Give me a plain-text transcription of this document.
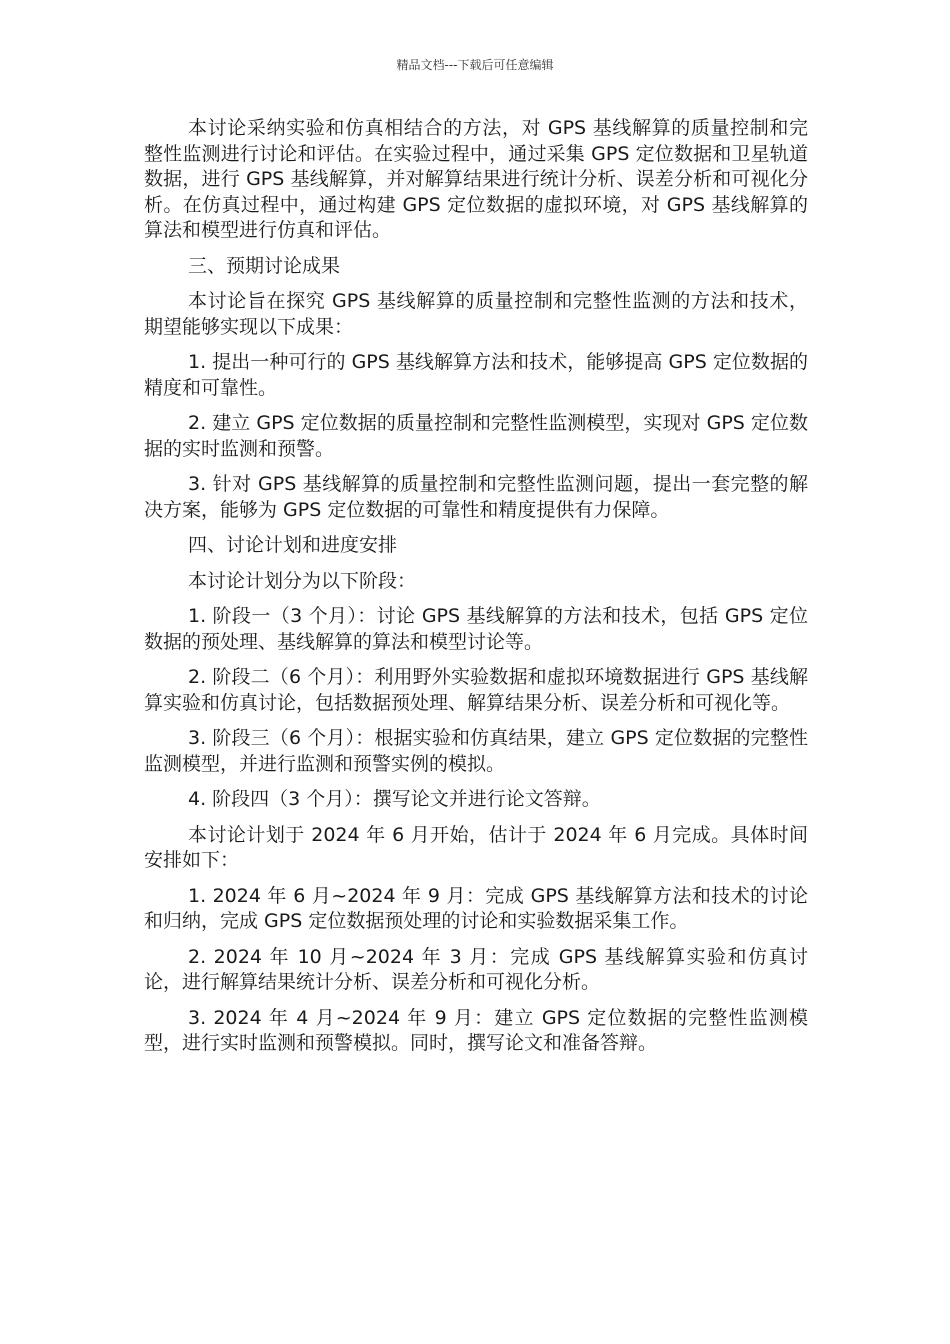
精品文档---下载后可任意编辑

本讨论采纳实验和仿真相结合的方法，对 GPS 基线解算的质量控制和完整性监测进行讨论和评估。在实验过程中，通过采集 GPS 定位数据和卫星轨道数据，进行 GPS 基线解算，并对解算结果进行统计分析、误差分析和可视化分析。在仿真过程中，通过构建 GPS 定位数据的虚拟环境，对 GPS 基线解算的算法和模型进行仿真和评估。

三、预期讨论成果

本讨论旨在探究 GPS 基线解算的质量控制和完整性监测的方法和技术，期望能够实现以下成果：

1. 提出一种可行的 GPS 基线解算方法和技术，能够提高 GPS 定位数据的精度和可靠性。

2. 建立 GPS 定位数据的质量控制和完整性监测模型，实现对 GPS 定位数据的实时监测和预警。

3. 针对 GPS 基线解算的质量控制和完整性监测问题，提出一套完整的解决方案，能够为 GPS 定位数据的可靠性和精度提供有力保障。

四、讨论计划和进度安排

本讨论计划分为以下阶段：

1. 阶段一（3 个月）：讨论 GPS 基线解算的方法和技术，包括 GPS 定位数据的预处理、基线解算的算法和模型讨论等。

2. 阶段二（6 个月）：利用野外实验数据和虚拟环境数据进行 GPS 基线解算实验和仿真讨论，包括数据预处理、解算结果分析、误差分析和可视化等。

3. 阶段三（6 个月）：根据实验和仿真结果，建立 GPS 定位数据的完整性监测模型，并进行监测和预警实例的模拟。

4. 阶段四（3 个月）：撰写论文并进行论文答辩。

本讨论计划于 2024 年 6 月开始，估计于 2024 年 6 月完成。具体时间安排如下：

1. 2024 年 6 月~2024 年 9 月：完成 GPS 基线解算方法和技术的讨论和归纳，完成 GPS 定位数据预处理的讨论和实验数据采集工作。

2. 2024 年 10 月~2024 年 3 月：完成 GPS 基线解算实验和仿真讨论，进行解算结果统计分析、误差分析和可视化分析。

3. 2024 年 4 月~2024 年 9 月：建立 GPS 定位数据的完整性监测模型，进行实时监测和预警模拟。同时，撰写论文和准备答辩。
